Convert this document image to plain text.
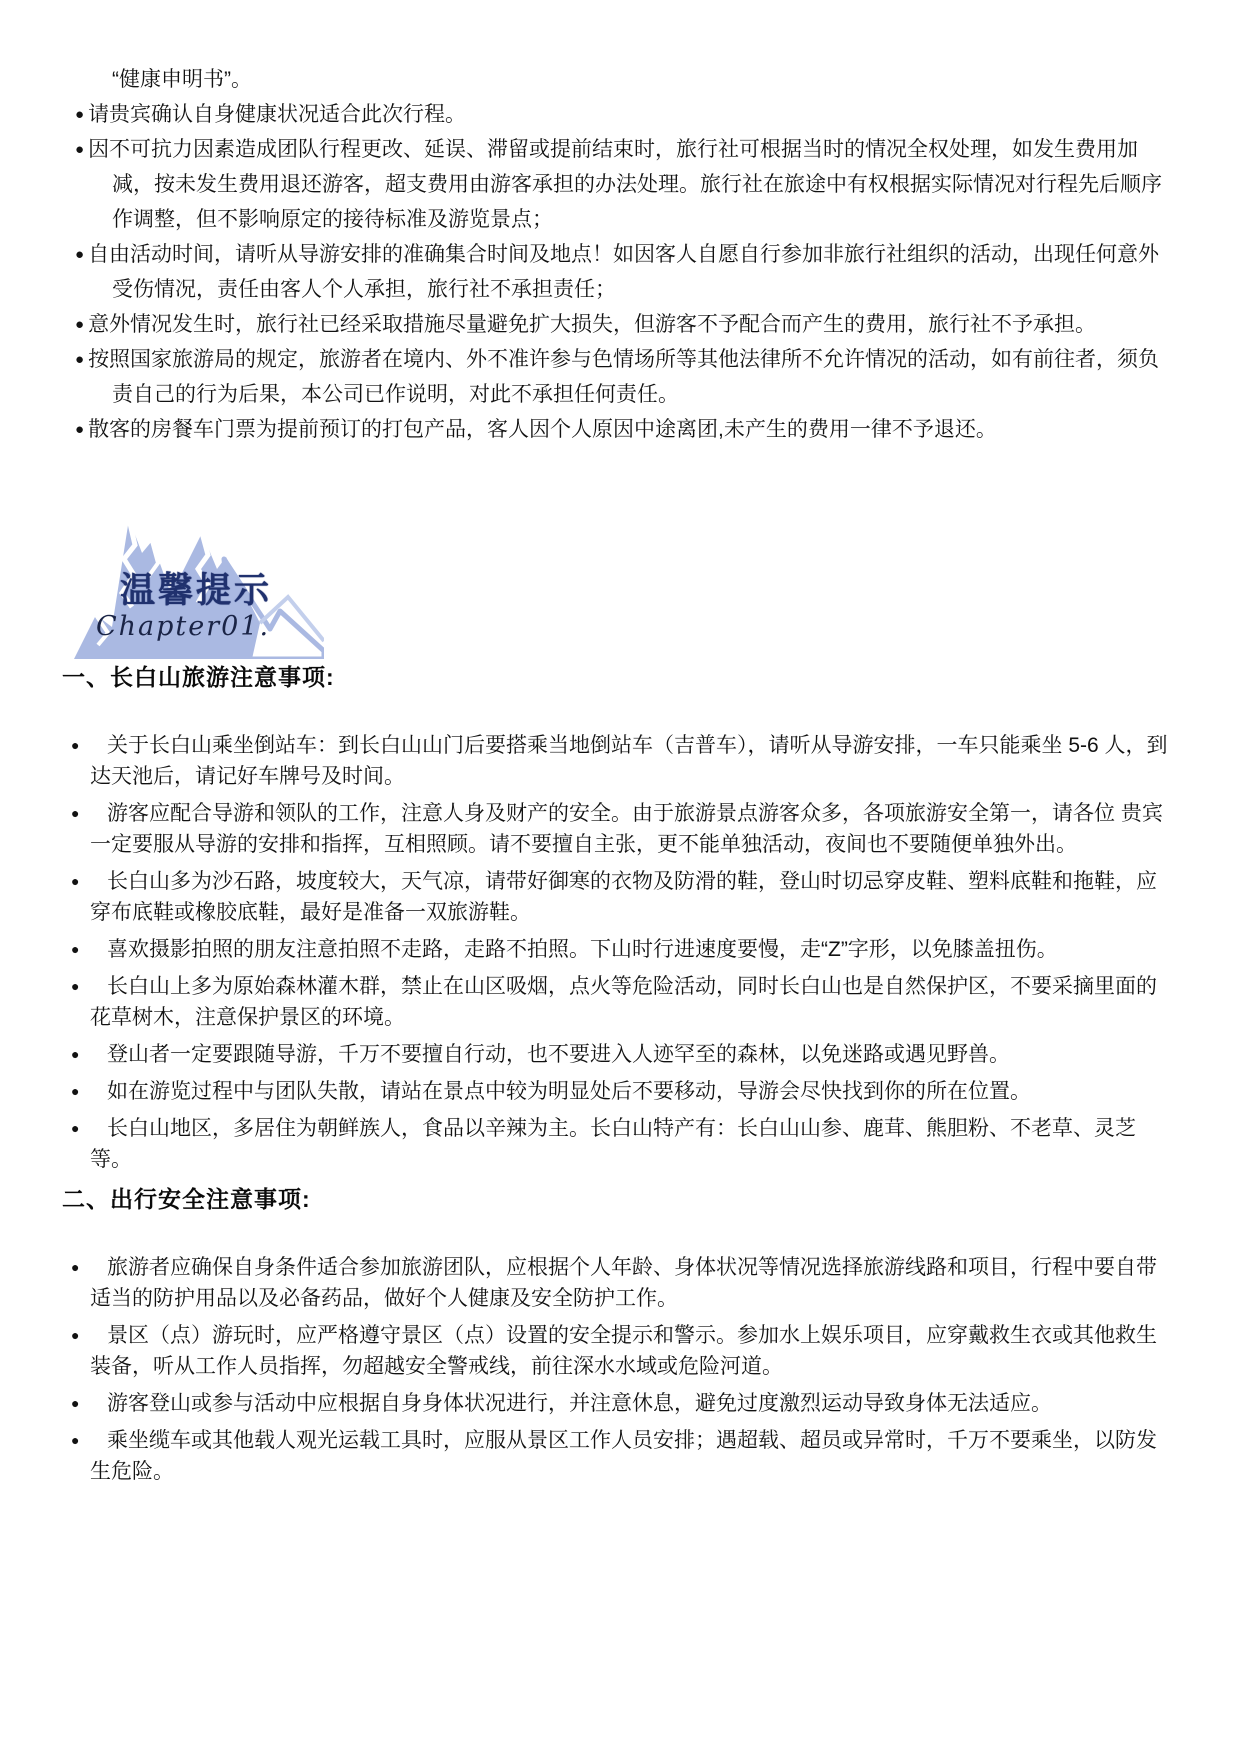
“健康申明书”。

● 请贵宾确认自身健康状况适合此次行程。
● 因不可抗力因素造成团队行程更改、延误、滞留或提前结束时，旅行社可根据当时的情况全权处理，如发生费用加减，按未发生费用退还游客，超支费用由游客承担的办法处理。旅行社在旅途中有权根据实际情况对行程先后顺序作调整，但不影响原定的接待标准及游览景点；
● 自由活动时间，请听从导游安排的准确集合时间及地点！如因客人自愿自行参加非旅行社组织的活动，出现任何意外受伤情况，责任由客人个人承担，旅行社不承担责任；
● 意外情况发生时，旅行社已经采取措施尽量避免扩大损失，但游客不予配合而产生的费用，旅行社不予承担。
● 按照国家旅游局的规定，旅游者在境内、外不准许参与色情场所等其他法律所不允许情况的活动，如有前往者，须负责自己的行为后果，本公司已作说明，对此不承担任何责任。
● 散客的房餐车门票为提前预订的打包产品，客人因个人原因中途离团,未产生的费用一律不予退还。
温馨提示
Chapter01.
一、长白山旅游注意事项:
● 关于长白山乘坐倒站车：到长白山山门后要搭乘当地倒站车（吉普车），请听从导游安排，一车只能乘坐 5-6 人，到达天池后，请记好车牌号及时间。
● 游客应配合导游和领队的工作，注意人身及财产的安全。由于旅游景点游客众多，各项旅游安全第一，请各位 贵宾一定要服从导游的安排和指挥，互相照顾。请不要擅自主张，更不能单独活动，夜间也不要随便单独外出。
● 长白山多为沙石路，坡度较大，天气凉，请带好御寒的衣物及防滑的鞋，登山时切忌穿皮鞋、塑料底鞋和拖鞋，应穿布底鞋或橡胶底鞋，最好是准备一双旅游鞋。
● 喜欢摄影拍照的朋友注意拍照不走路，走路不拍照。下山时行进速度要慢，走“Z”字形，以免膝盖扭伤。
● 长白山上多为原始森林灌木群，禁止在山区吸烟，点火等危险活动，同时长白山也是自然保护区，不要采摘里面的花草树木，注意保护景区的环境。
● 登山者一定要跟随导游，千万不要擅自行动，也不要进入人迹罕至的森林，以免迷路或遇见野兽。
● 如在游览过程中与团队失散，请站在景点中较为明显处后不要移动，导游会尽快找到你的所在位置。
● 长白山地区，多居住为朝鲜族人，食品以辛辣为主。长白山特产有：长白山山参、鹿茸、熊胆粉、不老草、灵芝等。
二、出行安全注意事项:
● 旅游者应确保自身条件适合参加旅游团队，应根据个人年龄、身体状况等情况选择旅游线路和项目，行程中要自带适当的防护用品以及必备药品，做好个人健康及安全防护工作。
● 景区（点）游玩时，应严格遵守景区（点）设置的安全提示和警示。参加水上娱乐项目，应穿戴救生衣或其他救生装备，听从工作人员指挥，勿超越安全警戒线，前往深水水域或危险河道。
● 游客登山或参与活动中应根据自身身体状况进行，并注意休息，避免过度激烈运动导致身体无法适应。
● 乘坐缆车或其他载人观光运载工具时，应服从景区工作人员安排；遇超载、超员或异常时，千万不要乘坐，以防发生危险。
